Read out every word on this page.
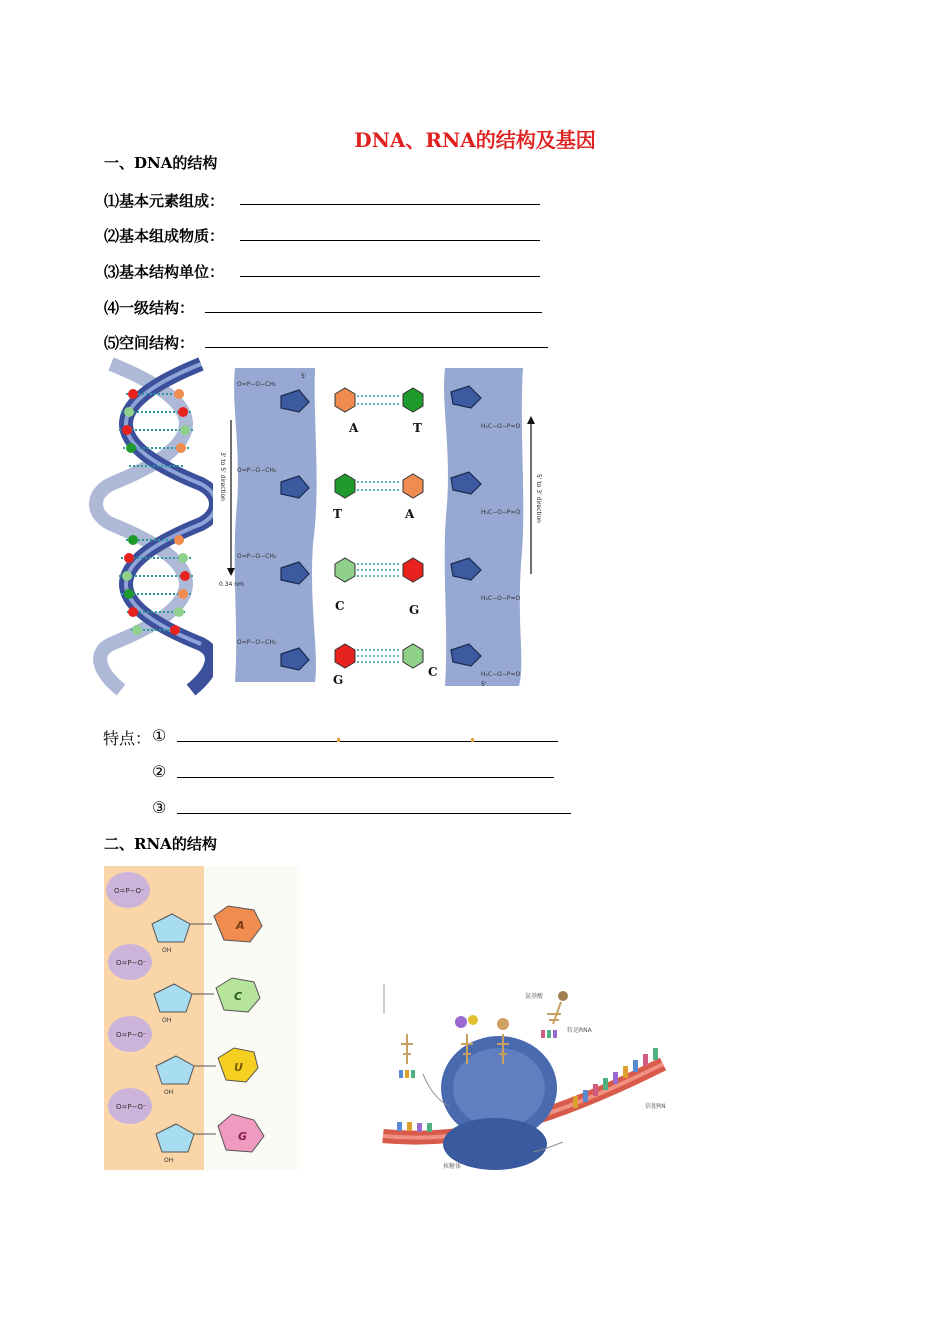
DNA、RNA的结构及基因
一、DNA的结构
⑴基本元素组成：
⑵基本组成物质：
⑶基本结构单位：
⑷一级结构：
⑸空间结构：
O=P−O−CH₂
O=P−O−CH₂
O=P−O−CH₂
O=P−O−CH₂
H₂C−O−P=O
H₂C−O−P=O
H₂C−O−P=O
H₂C−O−P=O
5'
5'
A	T
T	A
C	G
G
C
3' to 5' direction
0.34 nm
5' to 3' direction
特点： ①
②
③
二、RNA的结构
O=P−O⁻
O=P−O⁻
O=P−O⁻
O=P−O⁻
OH
OH
OH
OH
A
C
U
G
氨基酸
转运RNA
信使RN
核糖体
